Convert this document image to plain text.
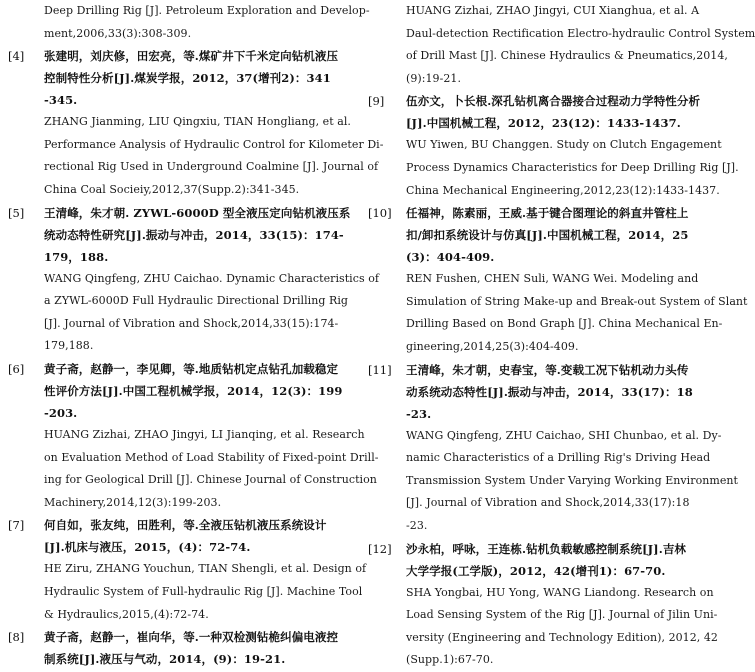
Deep Drilling Rig [J]. Petroleum Exploration and Develop-
ment,2006,33(3):308-309.
[4] 张建明，刘庆修，田宏亮，等.煤矿井下千米定向钻机液压
控制特性分析[J].煤炭学报，2012，37(增刊2)：341
-345.
ZHANG Jianming, LIU Qingxiu, TIAN Hongliang, et al.
Performance Analysis of Hydraulic Control for Kilometer Di-
rectional Rig Used in Underground Coalmine [J]. Journal of
China Coal Socieiy,2012,37(Supp.2):341-345.
[5] 王清峰，朱才朝. ZYWL-6000D 型全液压定向钻机液压系
统动态特性研究[J].振动与冲击，2014，33(15)：174-
179，188.
WANG Qingfeng, ZHU Caichao. Dynamic Characteristics of
a ZYWL-6000D Full Hydraulic Directional Drilling Rig
[J]. Journal of Vibration and Shock,2014,33(15):174-
179,188.
[6] 黄子斋，赵静一，李见卿，等.地质钻机定点钻孔加载稳定
性评价方法[J].中国工程机械学报，2014，12(3)：199
-203.
HUANG Zizhai, ZHAO Jingyi, LI Jianqing, et al. Research
on Evaluation Method of Load Stability of Fixed-point Drill-
ing for Geological Drill [J]. Chinese Journal of Construction
Machinery,2014,12(3):199-203.
[7] 何自如，张友纯，田胜利，等.全液压钻机液压系统设计
[J].机床与液压，2015，(4)：72-74.
HE Ziru, ZHANG Youchun, TIAN Shengli, et al. Design of
Hydraulic System of Full-hydraulic Rig [J]. Machine Tool
& Hydraulics,2015,(4):72-74.
[8] 黄子斋，赵静一，崔向华，等.一种双检测钻桅纠偏电液控
制系统[J].液压与气动，2014，(9)：19-21.
HUANG Zizhai, ZHAO Jingyi, CUI Xianghua, et al. A
Daul-detection Rectification Electro-hydraulic Control System
of Drill Mast [J]. Chinese Hydraulics & Pneumatics,2014,
(9):19-21.
[9] 伍亦文，卜长根.深孔钻机离合器接合过程动力学特性分析
[J].中国机械工程，2012，23(12)：1433-1437.
WU Yiwen, BU Changgen. Study on Clutch Engagement
Process Dynamics Characteristics for Deep Drilling Rig [J].
China Mechanical Engineering,2012,23(12):1433-1437.
[10] 任福神，陈素丽，王威.基于键合图理论的斜直井管柱上
扣/卸扣系统设计与仿真[J].中国机械工程，2014，25
(3)：404-409.
REN Fushen, CHEN Suli, WANG Wei. Modeling and
Simulation of String Make-up and Break-out System of Slant
Drilling Based on Bond Graph [J]. China Mechanical En-
gineering,2014,25(3):404-409.
[11] 王清峰，朱才朝，史春宝，等.变载工况下钻机动力头传
动系统动态特性[J].振动与冲击，2014，33(17)：18
-23.
WANG Qingfeng, ZHU Caichao, SHI Chunbao, et al. Dy-
namic Characteristics of a Drilling Rig's Driving Head
Transmission System Under Varying Working Environment
[J]. Journal of Vibration and Shock,2014,33(17):18
-23.
[12] 沙永柏，呼咏，王连栋.钻机负载敏感控制系统[J].吉林
大学学报(工学版)，2012，42(增刊1)：67-70.
SHA Yongbai, HU Yong, WANG Liandong. Research on
Load Sensing System of the Rig [J]. Journal of Jilin Uni-
versity (Engineering and Technology Edition), 2012, 42
(Supp.1):67-70.
